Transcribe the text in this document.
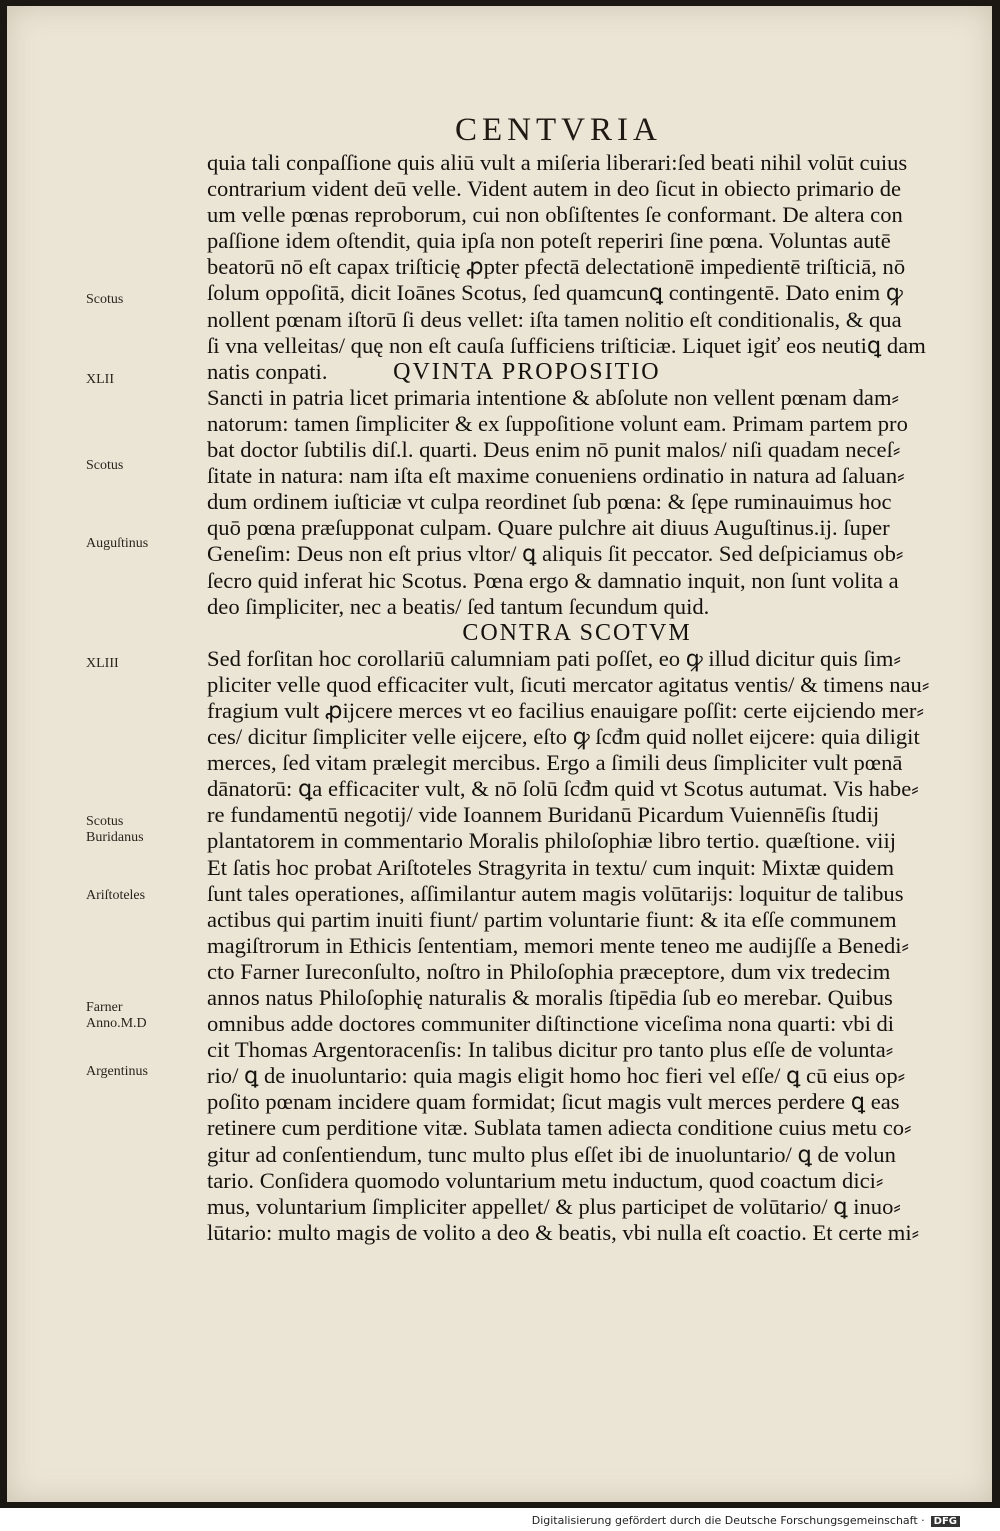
CENTVRIA
quia tali conpaſſione quis aliū vult a miſeria liberari:ſed beati nihil volūt cuius
contrarium vident deū velle. Vident autem in deo ſicut in obiecto primario de
um velle pœnas reproborum, cui non obſiſtentes ſe conformant. De altera con
paſſione idem oſtendit, quia ipſa non poteſt reperiri ſine pœna. Voluntas autē
beatorū nō eſt capax triſticię ꝓpter pfectā delectationē impedientē triſticiā, nō
ſolum oppoſitā, dicit Ioānes Scotus, ſed quamcunꝗ contingentē. Dato enim ꝙ
nollent pœnam iſtorū ſi deus vellet: iſta tamen nolitio eſt conditionalis, & qua
ſi vna velleitas/ quę non eſt cauſa ſufficiens triſticiæ. Liquet igiť eos neutiꝗ dam
natis conpati.	QVINTA PROPOSITIO
Sancti in patria licet primaria intentione & abſolute non vellent pœnam dam⸗
natorum: tamen ſimpliciter & ex ſuppoſitione volunt eam. Primam partem pro
bat doctor ſubtilis diſ.l. quarti. Deus enim nō punit malos/ niſi quadam neceſ⸗
ſitate in natura: nam iſta eſt maxime conueniens ordinatio in natura ad ſaluan⸗
dum ordinem iuſticiæ vt culpa reordinet ſub pœna: & ſępe ruminauimus hoc
quō pœna præſupponat culpam. Quare pulchre ait diuus Auguſtinus.ij. ſuper
Geneſim: Deus non eſt prius vltor/ ꝗ aliquis ſit peccator. Sed deſpiciamus ob⸗
ſecro quid inferat hic Scotus. Pœna ergo & damnatio inquit, non ſunt volita a
deo ſimpliciter, nec a beatis/ ſed tantum ſecundum quid.
CONTRA SCOTVM
Sed forſitan hoc corollariū calumniam pati poſſet, eo ꝙ illud dicitur quis ſim⸗
pliciter velle quod efficaciter vult, ſicuti mercator agitatus ventis/ & timens nau⸗
fragium vult ꝓijcere merces vt eo facilius enauigare poſſit: certe eijciendo mer⸗
ces/ dicitur ſimpliciter velle eijcere, eſto ꝙ ſcđm quid nollet eijcere: quia diligit
merces, ſed vitam prælegit mercibus. Ergo a ſimili deus ſimpliciter vult pœnā
dānatorū: ꝗa efficaciter vult, & nō ſolū ſcđm quid vt Scotus autumat. Vis habe⸗
re fundamentū negotij/ vide Ioannem Buridanū Picardum Vuiennēſis ſtudij
plantatorem in commentario Moralis philoſophiæ libro tertio. quæſtione. viij
Et ſatis hoc probat Ariſtoteles Stragyrita in textu/ cum inquit: Mixtæ quidem
ſunt tales operationes, aſſimilantur autem magis volūtarijs: loquitur de talibus
actibus qui partim inuiti fiunt/ partim voluntarie fiunt: & ita eſſe communem
magiſtrorum in Ethicis ſententiam, memori mente teneo me audijſſe a Benedi⸗
cto Farner Iureconſulto, noſtro in Philoſophia præceptore, dum vix tredecim
annos natus Philoſophię naturalis & moralis ſtipēdia ſub eo merebar. Quibus
omnibus adde doctores communiter diſtinctione viceſima nona quarti: vbi di
cit Thomas Argentoracenſis: In talibus dicitur pro tanto plus eſſe de volunta⸗
rio/ ꝗ de inuoluntario: quia magis eligit homo hoc fieri vel eſſe/ ꝗ cū eius op⸗
poſito pœnam incidere quam formidat; ſicut magis vult merces perdere ꝗ eas
retinere cum perditione vitæ. Sublata tamen adiecta conditione cuius metu co⸗
gitur ad conſentiendum, tunc multo plus eſſet ibi de inuoluntario/ ꝗ de volun
tario. Conſidera quomodo voluntarium metu inductum, quod coactum dici⸗
mus, voluntarium ſimpliciter appellet/ & plus participet de volūtario/ ꝗ inuo⸗
lūtario: multo magis de volito a deo & beatis, vbi nulla eſt coactio. Et certe mi⸗
Scotus
XLII
Scotus
Auguſtinus
XLIII
Scotus
Buridanus
Ariſtoteles
Farner
Anno.M.D
Argentinus
Digitalisierung gefördert durch die Deutsche Forschungsgemeinschaft · DFG
